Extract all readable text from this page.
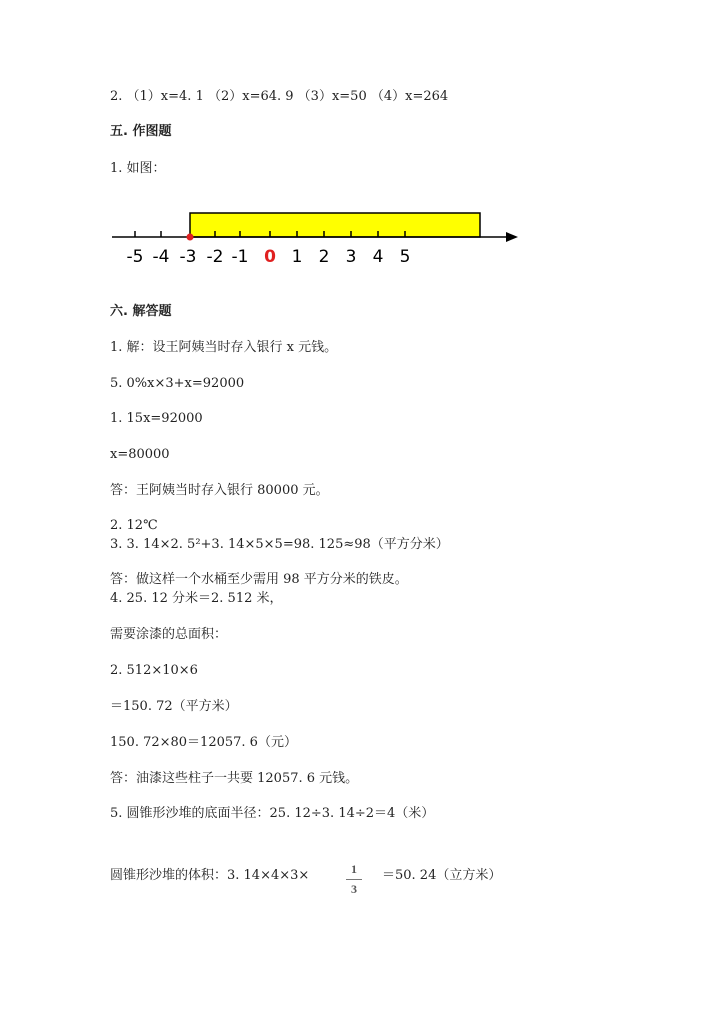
2. （1）x=4. 1 （2）x=64. 9 （3）x=50 （4）x=264
五. 作图题
1. 如图：
-5 -4 -3 -2 -1 0 1 2 3 4 5
六. 解答题
1. 解：设王阿姨当时存入银行 x 元钱。
5. 0%x×3+x=92000
1. 15x=92000
x=80000
答：王阿姨当时存入银行 80000 元。
2. 12℃
3. 3. 14×2. 5²+3. 14×5×5=98. 125≈98（平方分米）
答：做这样一个水桶至少需用 98 平方分米的铁皮。
4. 25. 12 分米＝2. 512 米，
需要涂漆的总面积：
2. 512×10×6
＝150. 72（平方米）
150. 72×80＝12057. 6（元）
答：油漆这些柱子一共要 12057. 6 元钱。
5. 圆锥形沙堆的底面半径：25. 12÷3. 14÷2＝4（米）
圆锥形沙堆的体积：3. 14×4×3×	1
3
＝50. 24（立方米）
